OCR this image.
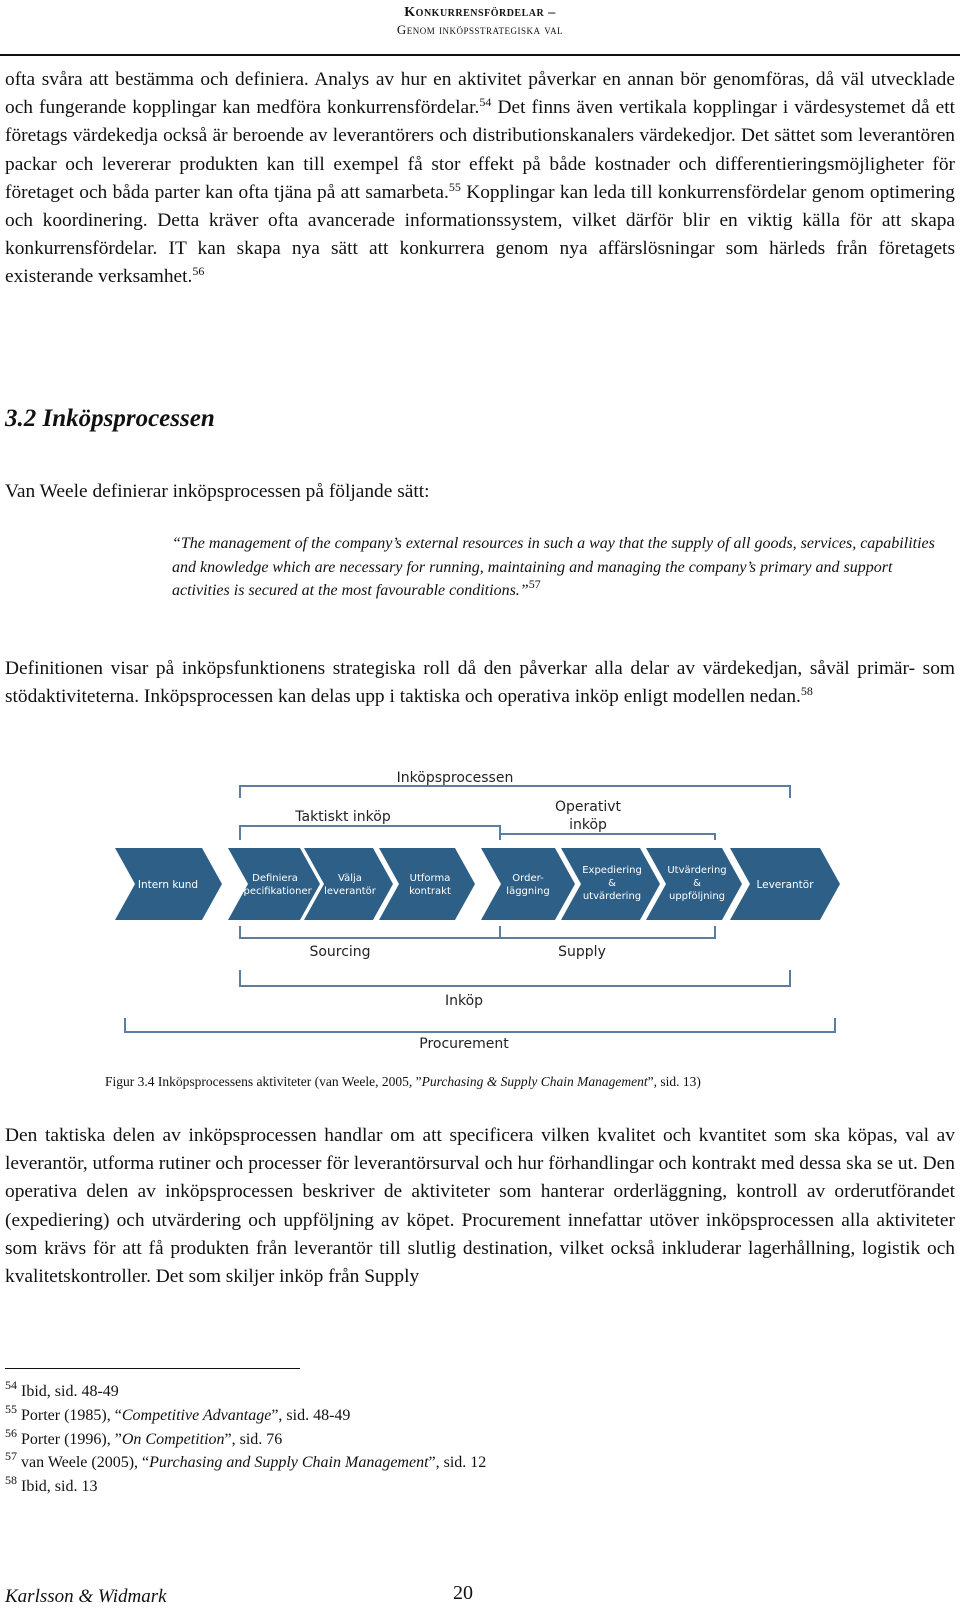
Konkurrensfördelar –
Genom inköpsstrategiska val

ofta svåra att bestämma och definiera. Analys av hur en aktivitet påverkar en annan bör genomföras, då väl utvecklade och fungerande kopplingar kan medföra konkurrensfördelar.$^{54}$ Det finns även vertikala kopplingar i värdesystemet då ett företags värdekedja också är beroende av leverantörers och distributionskanalers värdekedjor. Det sättet som leverantören packar och levererar produkten kan till exempel få stor effekt på både kostnader och differentieringsmöjligheter för företaget och båda parter kan ofta tjäna på att samarbeta.$^{55}$ Kopplingar kan leda till konkurrensfördelar genom optimering och koordinering. Detta kräver ofta avancerade informationssystem, vilket därför blir en viktig källa för att skapa konkurrensfördelar. IT kan skapa nya sätt att konkurrera genom nya affärslösningar som härleds från företagets existerande verksamhet.$^{56}$

3.2 Inköpsprocessen

Van Weele definierar inköpsprocessen på följande sätt:

“The management of the company’s external resources in such a way that the supply of all goods, services, capabilities and knowledge which are necessary for running, maintaining and managing the company’s primary and support activities is secured at the most favourable conditions.”$^{57}$

Definitionen visar på inköpsfunktionens strategiska roll då den påverkar alla delar av värdekedjan, såväl primär- som stödaktiviteterna. Inköpsprocessen kan delas upp i taktiska och operativa inköp enligt modellen nedan.$^{58}$

Inköpsprocessen
Taktiskt inköp
Operativt
inköp
Intern kund
Definiera
specifikationer
Välja
leverantör
Utforma
kontrakt
Order-
läggning
Expediering
&
utvärdering
Utvärdering
&
uppföljning
Leverantör
Sourcing	Supply
Inköp
Procurement
Figur 3.4 Inköpsprocessens aktiviteter (van Weele, 2005, ”Purchasing & Supply Chain Management”, sid. 13)

Den taktiska delen av inköpsprocessen handlar om att specificera vilken kvalitet och kvantitet som ska köpas, val av leverantör, utforma rutiner och processer för leverantörsurval och hur förhandlingar och kontrakt med dessa ska se ut. Den operativa delen av inköpsprocessen beskriver de aktiviteter som hanterar orderläggning, kontroll av orderutförandet (expediering) och utvärdering och uppföljning av köpet. Procurement innefattar utöver inköpsprocessen alla aktiviteter som krävs för att få produkten från leverantör till slutlig destination, vilket också inkluderar lagerhållning, logistik och kvalitetskontroller. Det som skiljer inköp från Supply

$^{54}$ Ibid, sid. 48-49
$^{55}$ Porter (1985), “Competitive Advantage”, sid. 48-49
$^{56}$ Porter (1996), ”On Competition”, sid. 76
$^{57}$ van Weele (2005), “Purchasing and Supply Chain Management”, sid. 12
$^{58}$ Ibid, sid. 13
Karlsson & Widmark	20
